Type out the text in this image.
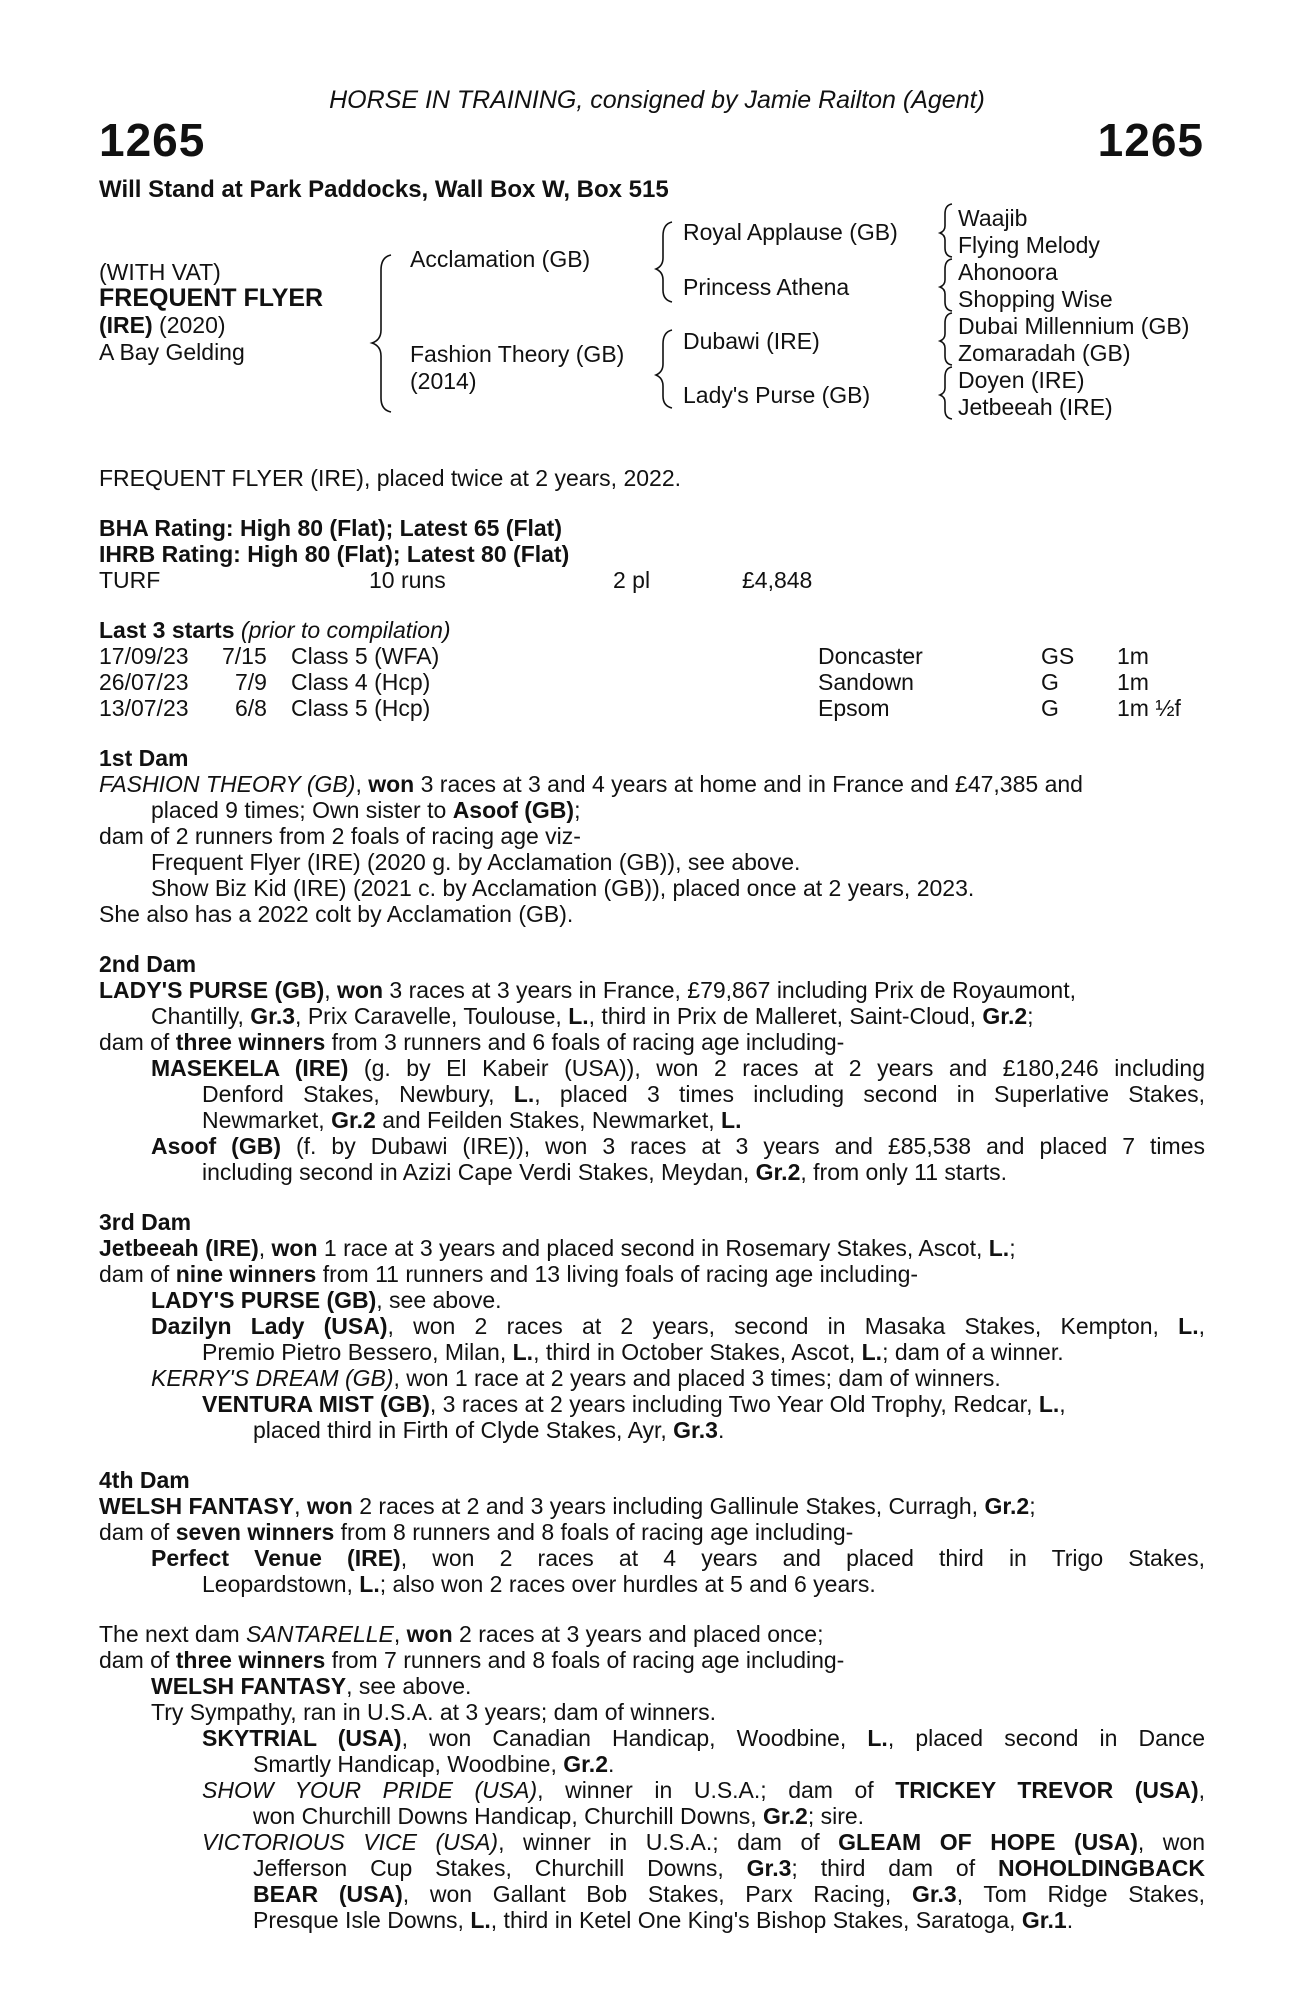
HORSE IN TRAINING, consigned by Jamie Railton (Agent)
1265	1265
Will Stand at Park Paddocks, Wall Box W, Box 515
(WITH VAT)
FREQUENT FLYER
(IRE) (2020)
A Bay Gelding
Acclamation (GB)
Fashion Theory (GB)
(2014)
Royal Applause (GB)
Princess Athena
Dubawi (IRE)
Lady's Purse (GB)
Waajib
Flying Melody
Ahonoora
Shopping Wise
Dubai Millennium (GB)
Zomaradah (GB)
Doyen (IRE)
Jetbeeah (IRE)
FREQUENT FLYER (IRE), placed twice at 2 years, 2022.
BHA Rating: High 80 (Flat); Latest 65 (Flat)
IHRB Rating: High 80 (Flat); Latest 80 (Flat)
TURF	10 runs	2 pl	£4,848
Last 3 starts (prior to compilation)
17/09/23 7/15 Class 5 (WFA)	Doncaster	GS 1m
26/07/23 7/9 Class 4 (Hcp)	Sandown	G	1m
13/07/23 6/8 Class 5 (Hcp)	Epsom	G	1m ½f
1st Dam
FASHION THEORY (GB), won 3 races at 3 and 4 years at home and in France and £47,385 and
placed 9 times; Own sister to Asoof (GB);
dam of 2 runners from 2 foals of racing age viz-
Frequent Flyer (IRE) (2020 g. by Acclamation (GB)), see above.
Show Biz Kid (IRE) (2021 c. by Acclamation (GB)), placed once at 2 years, 2023.
She also has a 2022 colt by Acclamation (GB).
2nd Dam
LADY'S PURSE (GB), won 3 races at 3 years in France, £79,867 including Prix de Royaumont,
Chantilly, Gr.3, Prix Caravelle, Toulouse, L., third in Prix de Malleret, Saint-Cloud, Gr.2;
dam of three winners from 3 runners and 6 foals of racing age including-
MASEKELA (IRE) (g. by El Kabeir (USA)), won 2 races at 2 years and £180,246 including
Denford Stakes, Newbury, L., placed 3 times including second in Superlative Stakes,
Newmarket, Gr.2 and Feilden Stakes, Newmarket, L.
Asoof (GB) (f. by Dubawi (IRE)), won 3 races at 3 years and £85,538 and placed 7 times
including second in Azizi Cape Verdi Stakes, Meydan, Gr.2, from only 11 starts.
3rd Dam
Jetbeeah (IRE), won 1 race at 3 years and placed second in Rosemary Stakes, Ascot, L.;
dam of nine winners from 11 runners and 13 living foals of racing age including-
LADY'S PURSE (GB), see above.
Dazilyn Lady (USA), won 2 races at 2 years, second in Masaka Stakes, Kempton, L.,
Premio Pietro Bessero, Milan, L., third in October Stakes, Ascot, L.; dam of a winner.
KERRY'S DREAM (GB), won 1 race at 2 years and placed 3 times; dam of winners.
VENTURA MIST (GB), 3 races at 2 years including Two Year Old Trophy, Redcar, L.,
placed third in Firth of Clyde Stakes, Ayr, Gr.3.
4th Dam
WELSH FANTASY, won 2 races at 2 and 3 years including Gallinule Stakes, Curragh, Gr.2;
dam of seven winners from 8 runners and 8 foals of racing age including-
Perfect Venue (IRE), won 2 races at 4 years and placed third in Trigo Stakes,
Leopardstown, L.; also won 2 races over hurdles at 5 and 6 years.
The next dam SANTARELLE, won 2 races at 3 years and placed once;
dam of three winners from 7 runners and 8 foals of racing age including-
WELSH FANTASY, see above.
Try Sympathy, ran in U.S.A. at 3 years; dam of winners.
SKYTRIAL (USA), won Canadian Handicap, Woodbine, L., placed second in Dance
Smartly Handicap, Woodbine, Gr.2.
SHOW YOUR PRIDE (USA), winner in U.S.A.; dam of TRICKEY TREVOR (USA),
won Churchill Downs Handicap, Churchill Downs, Gr.2; sire.
VICTORIOUS VICE (USA), winner in U.S.A.; dam of GLEAM OF HOPE (USA), won
Jefferson Cup Stakes, Churchill Downs, Gr.3; third dam of NOHOLDINGBACK
BEAR (USA), won Gallant Bob Stakes, Parx Racing, Gr.3, Tom Ridge Stakes,
Presque Isle Downs, L., third in Ketel One King's Bishop Stakes, Saratoga, Gr.1.
